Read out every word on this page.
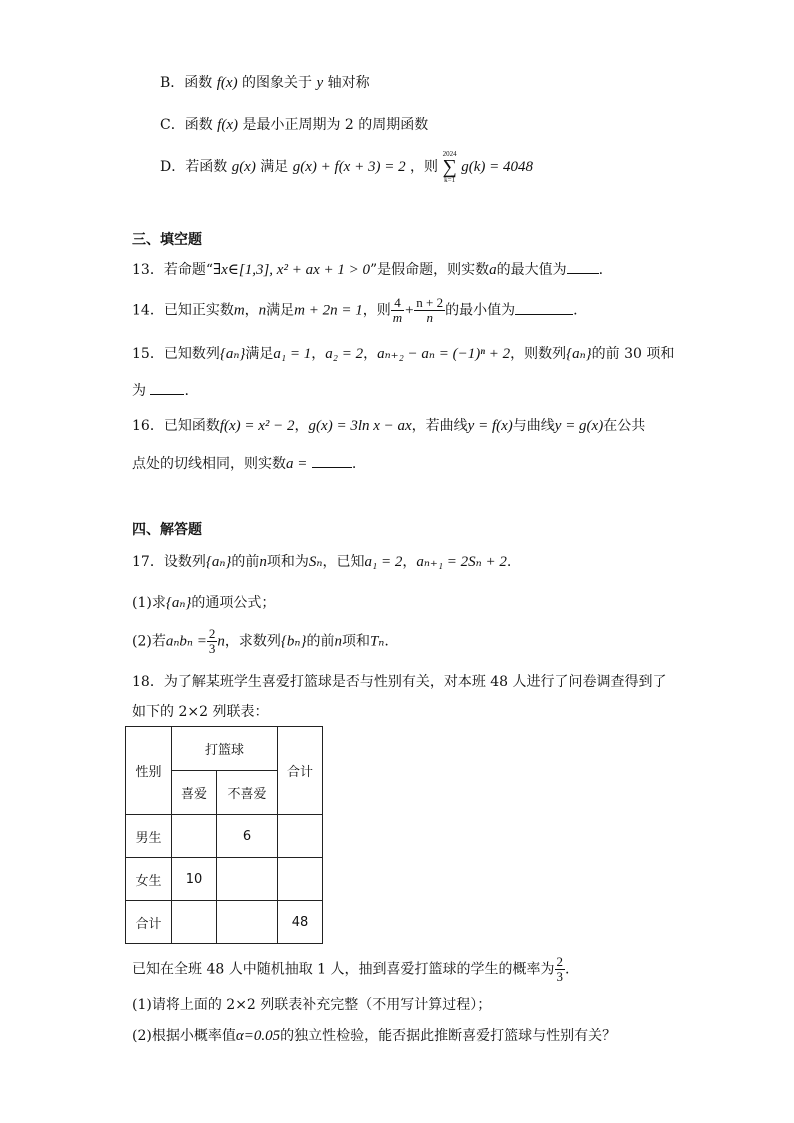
B．函数 f(x) 的图象关于 y 轴对称
C．函数 f(x) 是最小正周期为 2 的周期函数
D．若函数 g(x) 满足 g(x) + f(x + 3) = 2 ，则
2024
∑
k=1
g(k) = 4048
三、填空题
13．若命题“∃x∈[1,3], x² + ax + 1 > 0”是假命题，则实数a的最大值为 .
14．已知正实数m，n满足m + 2n = 1，则 $\frac{4}{m} + \frac{n + 2}{n}$ 的最小值为	.
15．已知数列{aₙ}满足a₁ = 1，a₂ = 2，aₙ₊₂ − aₙ = (−1)ⁿ + 2，则数列{aₙ}的前 30 项和
为	.
16．已知函数f(x) = x² − 2，g(x) = 3ln x − ax，若曲线y = f(x)与曲线y = g(x)在公共
点处的切线相同，则实数a =	.
四、解答题
17．设数列{aₙ}的前n项和为Sₙ，已知a₁ = 2，aₙ₊₁ = 2Sₙ + 2.
(1)求{aₙ}的通项公式；
(2)若$a_nb_n = \frac{2}{3}$ n，求数列{bₙ}的前n项和Tₙ.
18．为了解某班学生喜爱打篮球是否与性别有关，对本班 48 人进行了问卷调查得到了
如下的 2×2 列联表：
性别	打篮球		合计
	喜爱	不喜爱	
男生		6	
女生	10		
合计			48
已知在全班 48 人中随机抽取 1 人，抽到喜爱打篮球的学生的概率为 $\frac{2}{3}$ .
(1)请将上面的 2×2 列联表补充完整（不用写计算过程）；
(2)根据小概率值α=0.05的独立性检验，能否据此推断喜爱打篮球与性别有关？
